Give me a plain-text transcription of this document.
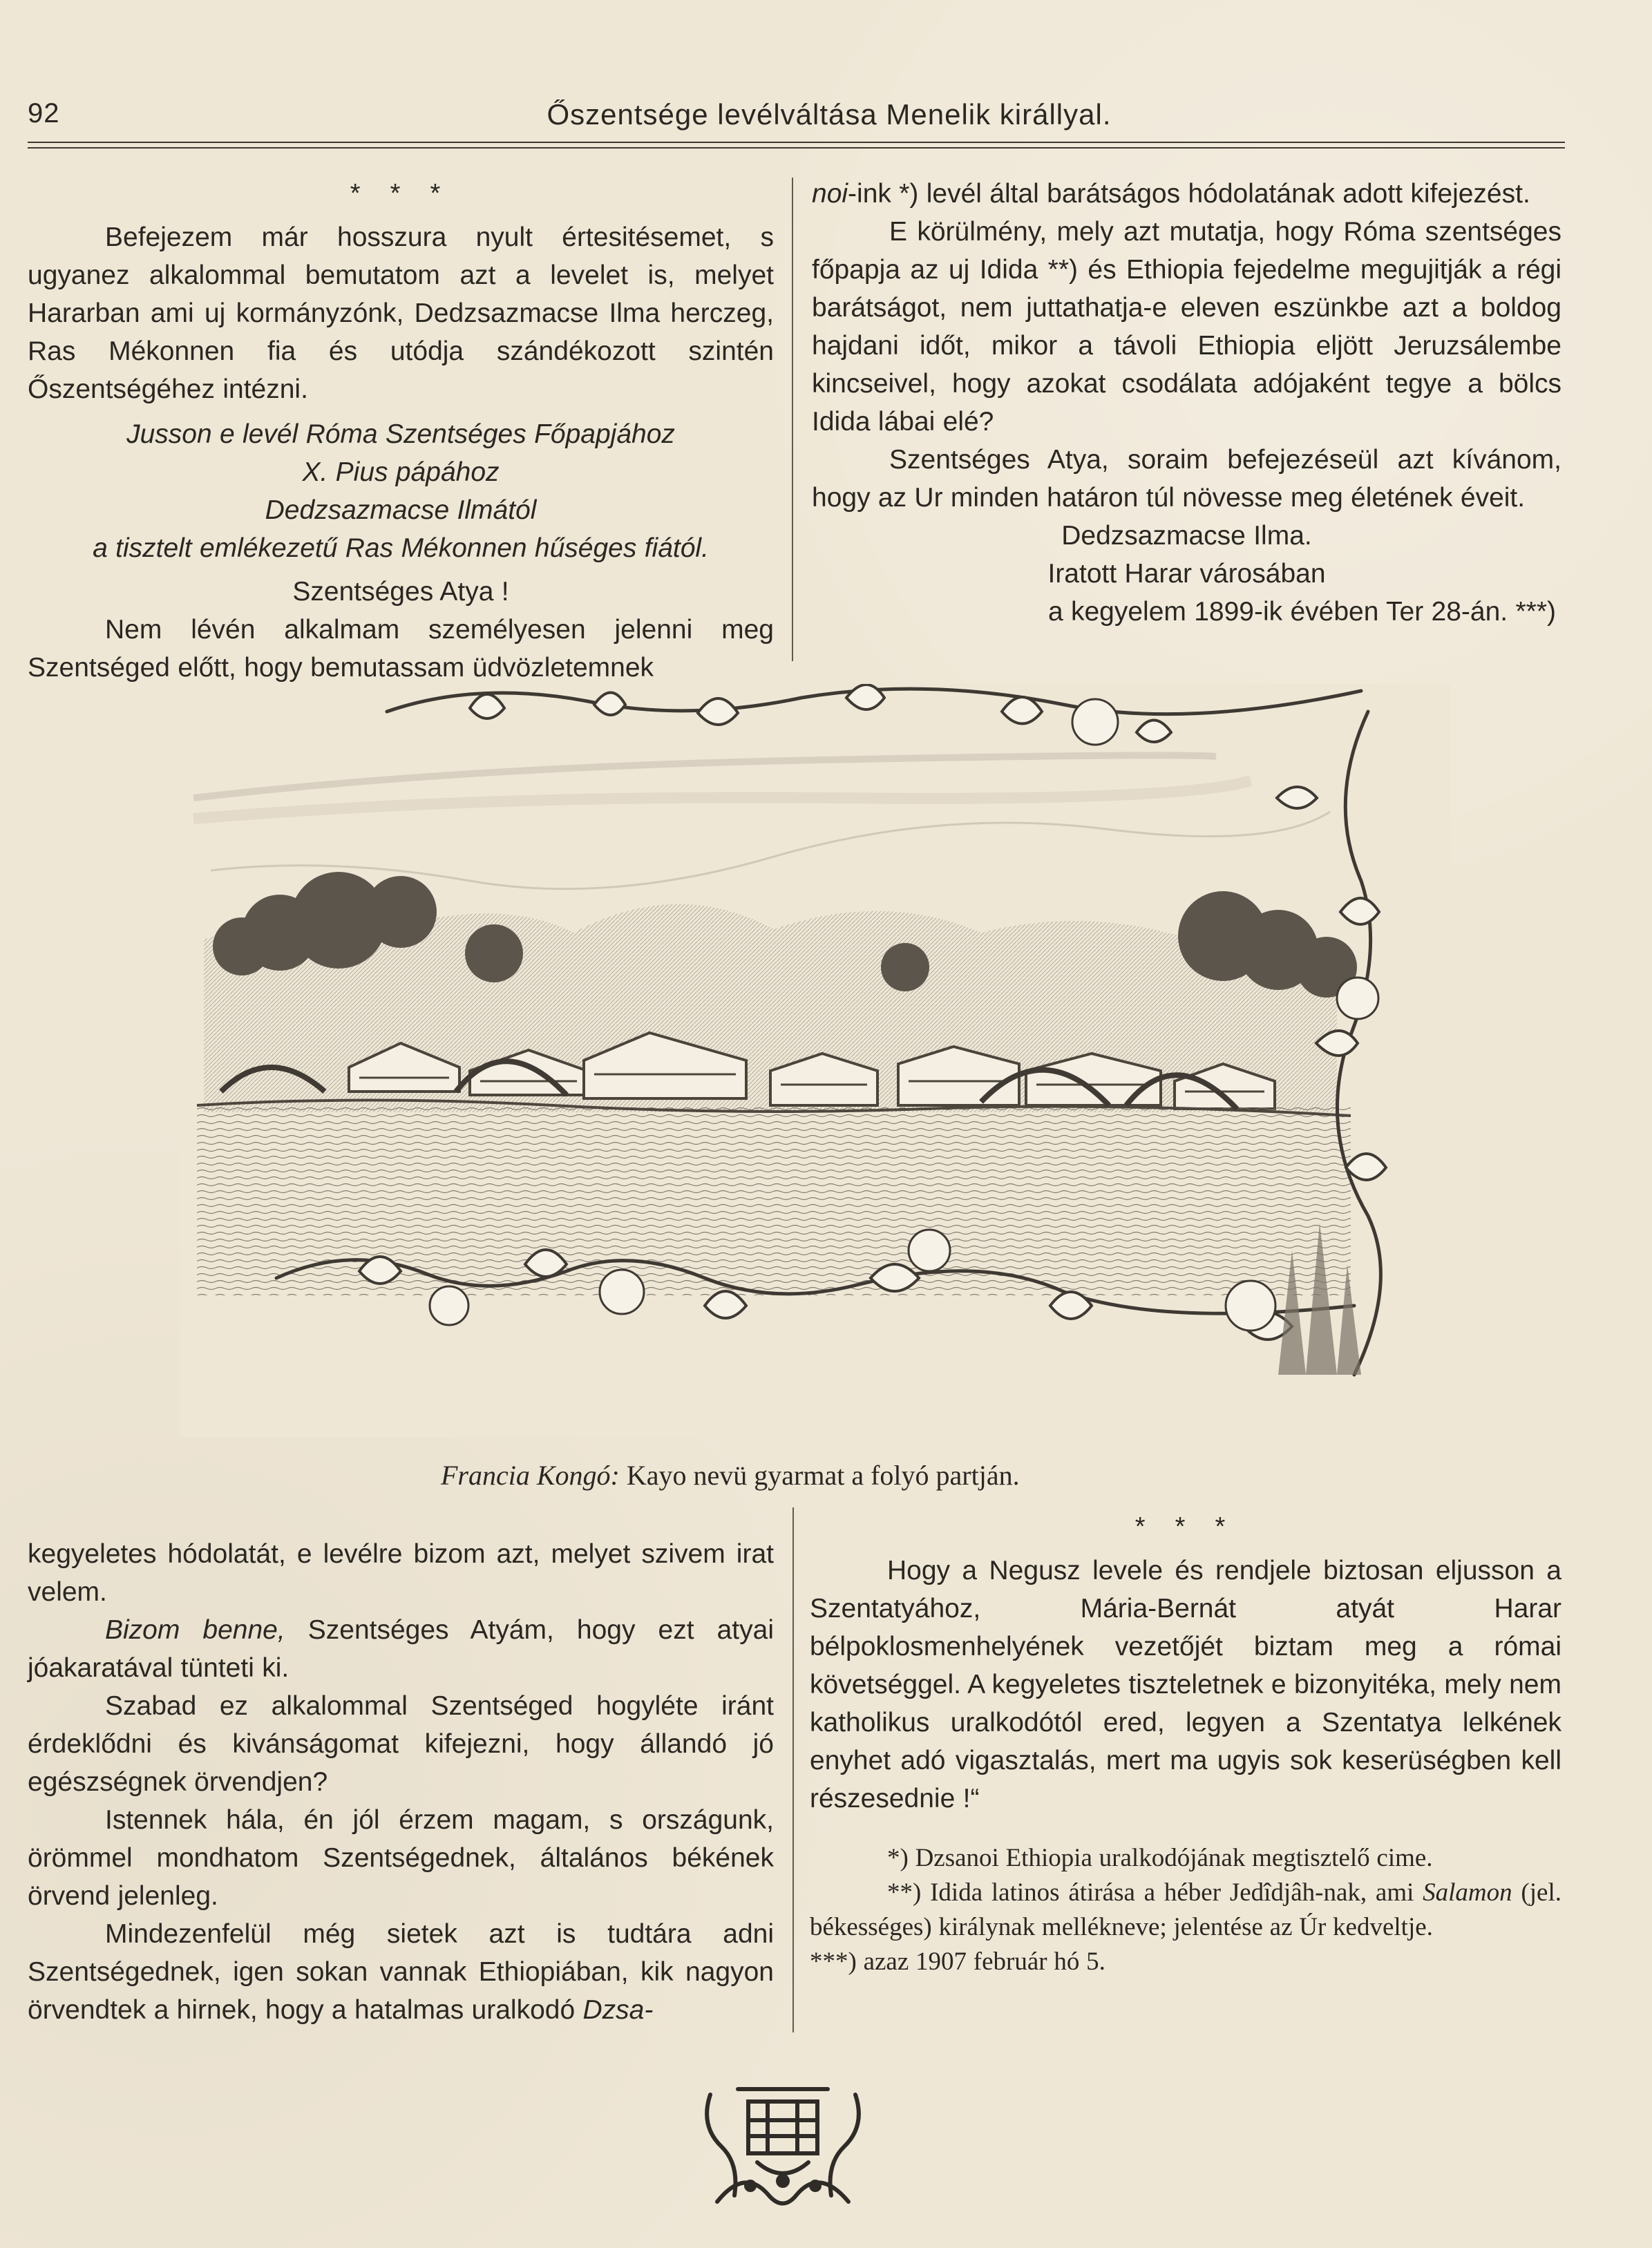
92	Őszentsége levélváltása Menelik királlyal.
* * *

Befejezem már hosszura nyult értesitésemet, s ugyanez alkalommal bemutatom azt a levelet is, melyet Hararban ami uj kormányzónk, Dedzsazmacse Ilma herczeg, Ras Mékonnen fia és utódja szándékozott szintén Őszentségéhez intézni.

Jusson e levél Róma Szentséges Főpapjához

X. Pius pápához

Dedzsazmacse Ilmától

a tisztelt emlékezetű Ras Mékonnen hűséges fiától.

Szentséges Atya !

Nem lévén alkalmam személyesen jelenni meg Szentséged előtt, hogy bemutassam üdvözletemnek

noi-ink *) levél által barátságos hódolatának adott kifejezést.

E körülmény, mely azt mutatja, hogy Róma szentséges főpapja az uj Idida **) és Ethiopia fejedelme megujitják a régi barátságot, nem juttathatja-e eleven eszünkbe azt a boldog hajdani időt, mikor a távoli Ethiopia eljött Jeruzsálembe kincseivel, hogy azokat csodálata adójaként tegye a bölcs Idida lábai elé?

Szentséges Atya, soraim befejezéseül azt kívánom, hogy az Ur minden határon túl növesse meg életének éveit.

Dedzsazmacse Ilma.

Iratott Harar városában

a kegyelem 1899-ik évében Ter 28-án. ***)

Francia Kongó: Kayo nevü gyarmat a folyó partján.

kegyeletes hódolatát, e levélre bizom azt, melyet szivem irat velem.

Bizom benne, Szentséges Atyám, hogy ezt atyai jóakaratával tünteti ki.

Szabad ez alkalommal Szentséged hogyléte iránt érdeklődni és kivánságomat kifejezni, hogy állandó jó egészségnek örvendjen?

Istennek hála, én jól érzem magam, s országunk, örömmel mondhatom Szentségednek, általános békének örvend jelenleg.

Mindezenfelül még sietek azt is tudtára adni Szentségednek, igen sokan vannak Ethiopiában, kik nagyon örvendtek a hirnek, hogy a hatalmas uralkodó Dzsa-

* * *

Hogy a Negusz levele és rendjele biztosan eljusson a Szentatyához, Mária-Bernát atyát Harar bélpoklosmenhelyének vezetőjét biztam meg a római követséggel. A kegyeletes tiszteletnek e bizonyitéka, mely nem katholikus uralkodótól ered, legyen a Szentatya lelkének enyhet adó vigasztalás, mert ma ugyis sok keserüségben kell részesednie !“

*) Dzsanoi Ethiopia uralkodójának megtisztelő cime.

**) Idida latinos átirása a héber Jedîdjâh-nak, ami Salamon (jel. békességes) királynak melléknevе; jelentése az Úr kedveltje.

***) azaz 1907 február hó 5.
